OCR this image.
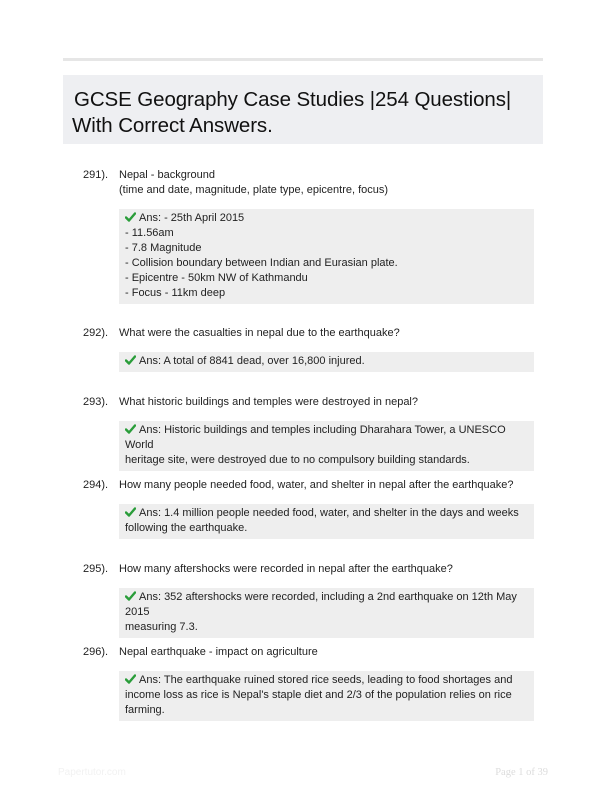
GCSE Geography Case Studies |254 Questions|
With Correct Answers.
291). Nepal - background
(time and date, magnitude, plate type, epicentre, focus)
Ans: - 25th April 2015
- 11.56am
- 7.8 Magnitude
- Collision boundary between Indian and Eurasian plate.
- Epicentre - 50km NW of Kathmandu
- Focus - 11km deep
292). What were the casualties in nepal due to the earthquake?
Ans: A total of 8841 dead, over 16,800 injured.
293). What historic buildings and temples were destroyed in nepal?
Ans: Historic buildings and temples including Dharahara Tower, a UNESCO World
heritage site, were destroyed due to no compulsory building standards.
294). How many people needed food, water, and shelter in nepal after the earthquake?
Ans: 1.4 million people needed food, water, and shelter in the days and weeks
following the earthquake.
295). How many aftershocks were recorded in nepal after the earthquake?
Ans: 352 aftershocks were recorded, including a 2nd earthquake on 12th May 2015
measuring 7.3.
296). Nepal earthquake - impact on agriculture
Ans: The earthquake ruined stored rice seeds, leading to food shortages and
income loss as rice is Nepal's staple diet and 2/3 of the population relies on rice
farming.
Papertutor.com	Page 1 of 39
